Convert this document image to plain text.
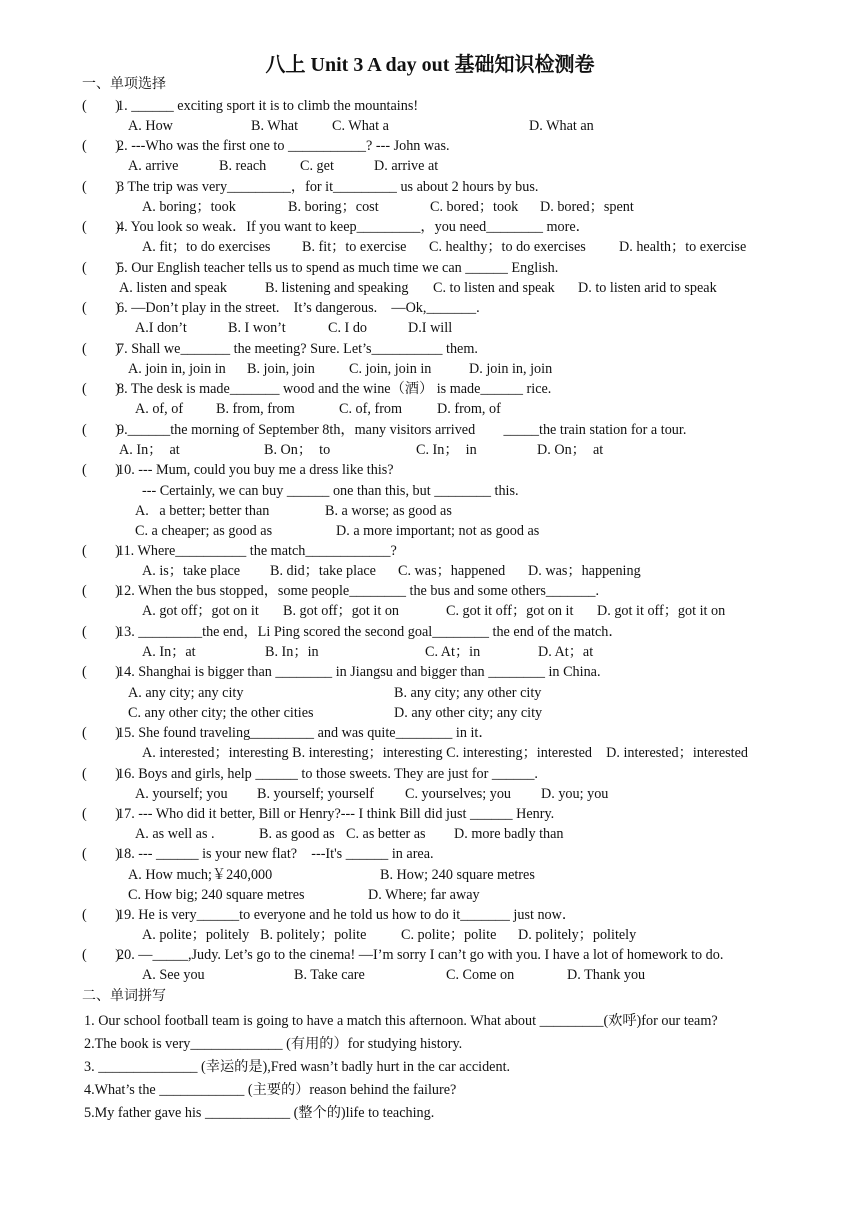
八上 Unit 3 A day out 基础知识检测卷
一、单项选择
(        )
1. ______ exciting sport it is to climb the mountains!
A. How	B. What C. What a	D. What an
(        )
2. ---Who was the first one to ___________? --- John was.
A. arrive	B. reach C. get	D. arrive at
(        )
3 The trip was very_________，for it_________ us about 2 hours by bus.
A. boring；took	B. boring；cost	C. bored；took D. bored；spent
(        )
4. You look so weak．If you want to keep_________，you need________ more．
A. fit；to do exercises B. fit；to exercise C. healthy；to do exercises D. health；to exercise
(        )
5. Our English teacher tells us to spend as much time we can ______ English.
A. listen and speak	B. listening and speaking C. to listen and speak D. to listen arid to speak
(        )
6. —Don’t play in the street.    It’s dangerous.    —Ok,_______.
A.I don’t	B. I won’t	C. I do	D.I will
(        )
7. Shall we_______ the meeting? Sure. Let’s__________ them.
A. join in, join in B. join, join C. join, join in	D. join in, join
(        )
8. The desk is made_______ wood and the wine（酒） is made______ rice.
A. of, of B. from, from	C. of, from D. from, of
(        )
9.______the morning of September 8th，many visitors arrived        _____the train station for a tour.
A. In；  at	B. On；  to	C. In；  in	D. On；  at
(        )
10. --- Mum, could you buy me a dress like this?
--- Certainly, we can buy ______ one than this, but ________ this.
A.   a better; better than	B. a worse; as good as
C. a cheaper; as good as	D. a more important; not as good as
(        )
11. Where__________ the match____________?
A. is；take place B. did；take place C. was；happened D. was；happening
(        )
12. When the bus stopped，some people________ the bus and some others_______.
A. got off；got on it B. got off；got it on	C. got it off；got on it D. got it off；got it on
(        )
13. _________the end，Li Ping scored the second goal________ the end of the match．
A. In；at	B. In；in	C. At；in	D. At；at
(        )
14. Shanghai is bigger than ________ in Jiangsu and bigger than ________ in China.
A. any city; any city	B. any city; any other city
C. any other city; the other cities	D. any other city; any city
(        )
15. She found traveling_________ and was quite________ in it．
A. interested；interesting B. interesting；interesting C. interesting；interested    D. interested；interested
(        )
16. Boys and girls, help ______ to those sweets. They are just for ______.
A. yourself; you B. yourself; yourself C. yourselves; you D. you; you
(        )
17. --- Who did it better, Bill or Henry?--- I think Bill did just ______ Henry.
A. as well as .	B. as good as C. as better as D. more badly than
(        )
18. --- ______ is your new flat?    ---It's ______ in area.
A. How much;￥240,000	B. How; 240 square metres
C. How big; 240 square metres	D. Where; far away
(        )
19. He is very______to everyone and he told us how to do it_______ just now．
A. polite；politely B. politely；polite C. polite；polite D. politely；politely
(        )
20. —_____,Judy. Let’s go to the cinema! —I’m sorry I can’t go with you. I have a lot of homework to do.
A. See you	B. Take care	C. Come on	D. Thank you
二、单词拼写
1. Our school football team is going to have a match this afternoon. What about _________(欢呼)for our team?
2.The book is very_____________ (有用的）for studying history.
3. ______________ (幸运的是),Fred wasn’t badly hurt in the car accident.
4.What’s the ____________ (主要的）reason behind the failure?
5.My father gave his ____________ (整个的)life to teaching.
